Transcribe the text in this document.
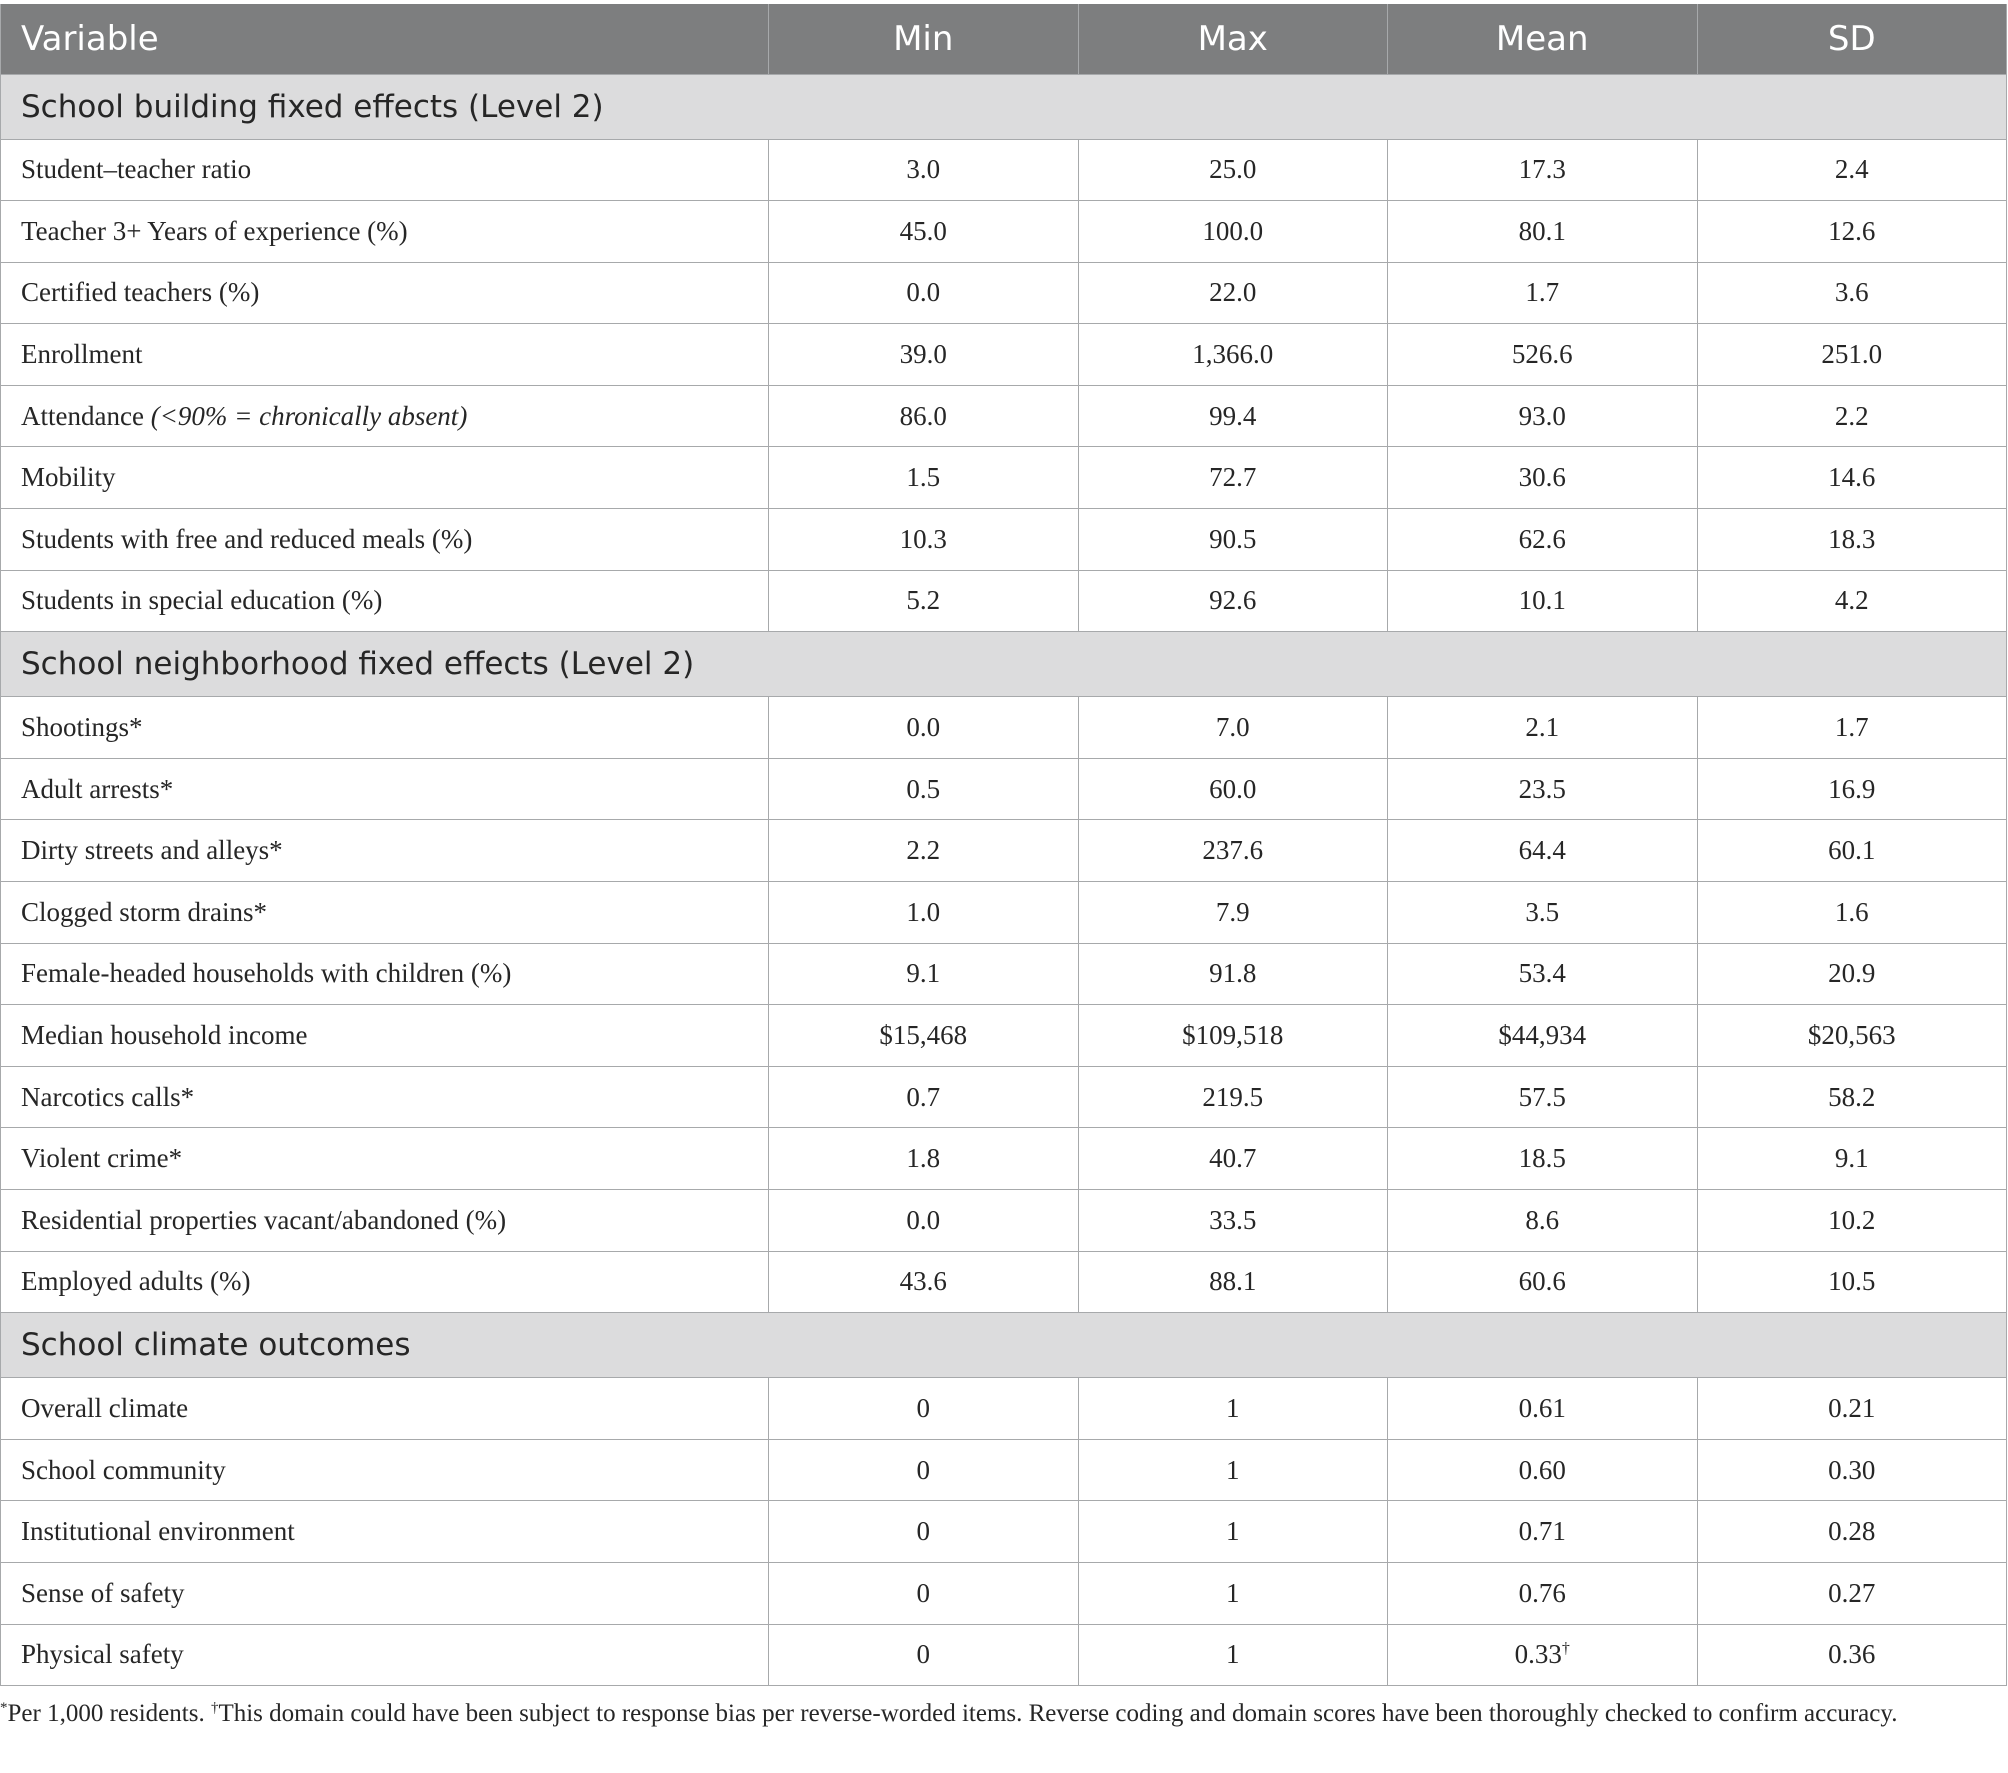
Variable	Min	Max	Mean	SD
School building fixed effects (Level 2)				
Student–teacher ratio	3.0	25.0	17.3	2.4
Teacher 3+ Years of experience (%)	45.0	100.0	80.1	12.6
Certified teachers (%)	0.0	22.0	1.7	3.6
Enrollment	39.0	1,366.0	526.6	251.0
Attendance (<90% = chronically absent)	86.0	99.4	93.0	2.2
Mobility	1.5	72.7	30.6	14.6
Students with free and reduced meals (%)	10.3	90.5	62.6	18.3
Students in special education (%)	5.2	92.6	10.1	4.2
School neighborhood fixed effects (Level 2)				
Shootings*	0.0	7.0	2.1	1.7
Adult arrests*	0.5	60.0	23.5	16.9
Dirty streets and alleys*	2.2	237.6	64.4	60.1
Clogged storm drains*	1.0	7.9	3.5	1.6
Female-headed households with children (%)	9.1	91.8	53.4	20.9
Median household income	$15,468	$109,518	$44,934	$20,563
Narcotics calls*	0.7	219.5	57.5	58.2
Violent crime*	1.8	40.7	18.5	9.1
Residential properties vacant/abandoned (%)	0.0	33.5	8.6	10.2
Employed adults (%)	43.6	88.1	60.6	10.5
School climate outcomes				
Overall climate	0	1	0.61	0.21
School community	0	1	0.60	0.30
Institutional environment	0	1	0.71	0.28
Sense of safety	0	1	0.76	0.27
Physical safety	0	1	0.33†	0.36
*Per 1,000 residents. †This domain could have been subject to response bias per reverse-worded items. Reverse coding and domain scores have been thoroughly checked to confirm accuracy.
